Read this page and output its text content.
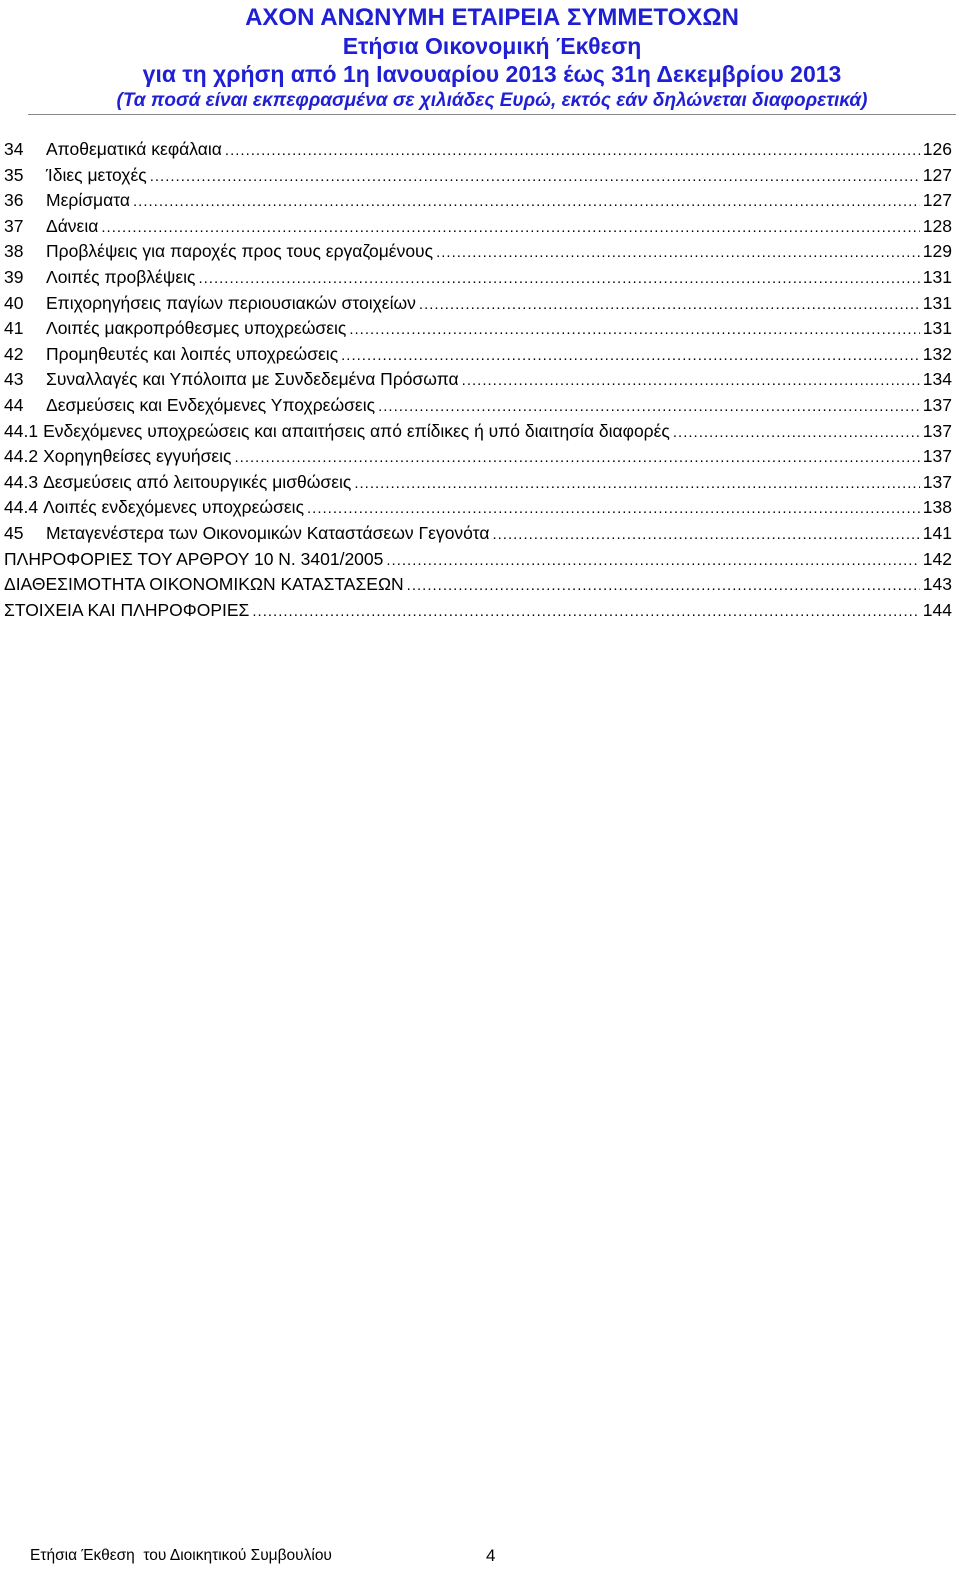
ΑΧΟΝ ΑΝΩΝΥΜΗ ΕΤΑΙΡΕΙΑ ΣΥΜΜΕΤΟΧΩΝ
Ετήσια Οικονομική Έκθεση
για τη χρήση από 1η Ιανουαρίου 2013 έως 31η Δεκεμβρίου 2013
(Τα ποσά είναι εκπεφρασμένα σε χιλιάδες Ευρώ, εκτός εάν δηλώνεται διαφορετικά)
34	Αποθεματικά κεφάλαια .....	126
35	Ίδιες μετοχές .....	127
36	Μερίσματα .....	127
37	Δάνεια .....	128
38	Προβλέψεις για παροχές προς τους εργαζομένους .....	129
39	Λοιπές προβλέψεις .....	131
40	Επιχορηγήσεις παγίων περιουσιακών στοιχείων .....	131
41	Λοιπές μακροπρόθεσμες υποχρεώσεις .....	131
42	Προμηθευτές και λοιπές υποχρεώσεις .....	132
43	Συναλλαγές και Υπόλοιπα με Συνδεδεμένα Πρόσωπα .....	134
44	Δεσμεύσεις και Ενδεχόμενες Υποχρεώσεις .....	137
44.1 Ενδεχόμενες υποχρεώσεις και απαιτήσεις από επίδικες ή υπό διαιτησία διαφορές .....	137
44.2 Χορηγηθείσες εγγυήσεις .....	137
44.3 Δεσμεύσεις από λειτουργικές μισθώσεις .....	137
44.4 Λοιπές ενδεχόμενες υποχρεώσεις .....	138
45	Μεταγενέστερα των Οικονομικών Καταστάσεων Γεγονότα .....	141
ΠΛΗΡΟΦΟΡΙΕΣ ΤΟΥ ΑΡΘΡΟΥ 10 Ν. 3401/2005 .....	142
ΔΙΑΘΕΣΙΜΟΤΗΤΑ ΟΙΚΟΝΟΜΙΚΩΝ ΚΑΤΑΣΤΑΣΕΩΝ .....	143
ΣΤΟΙΧΕΙΑ ΚΑΙ ΠΛΗΡΟΦΟΡΙΕΣ .....	144
Ετήσια Έκθεση  του Διοικητικού Συμβουλίου	4
